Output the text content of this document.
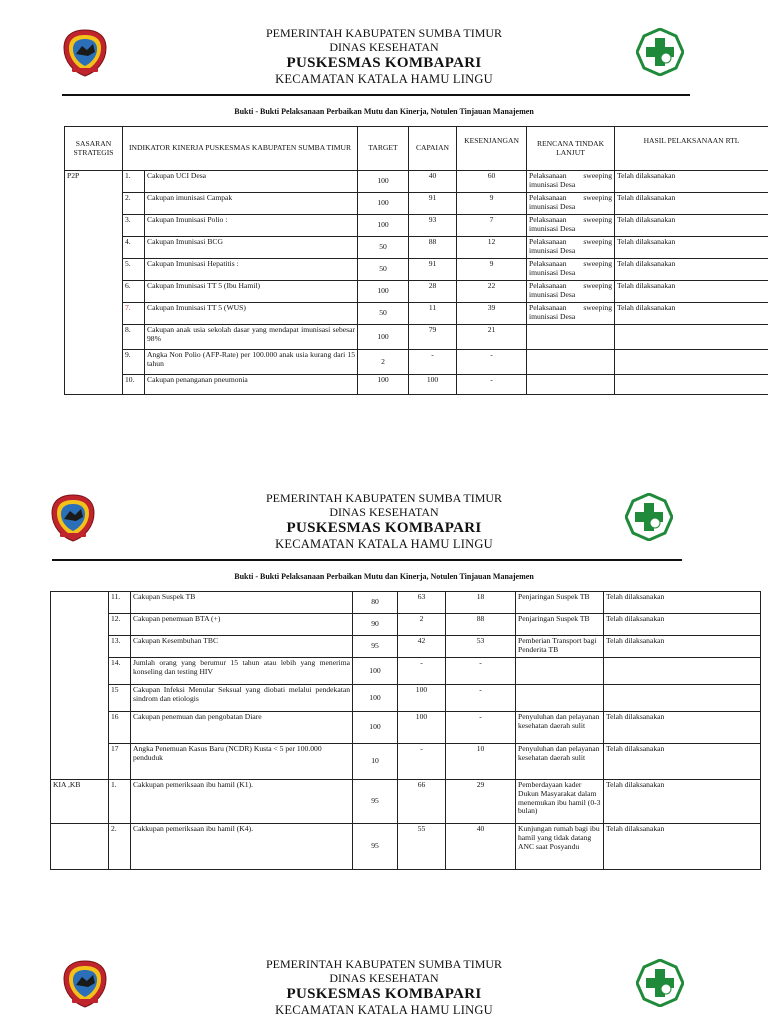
PEMERINTAH KABUPATEN SUMBA TIMUR
DINAS KESEHATAN
PUSKESMAS KOMBAPARI
KECAMATAN KATALA HAMU LINGU
Bukti - Bukti Pelaksanaan Perbaikan Mutu dan Kinerja, Notulen Tinjauan Manajemen
SASARAN STRATEGIS	INDIKATOR KINERJA PUSKESMAS KABUPATEN SUMBA TIMUR		TARGET	CAPAIAN	KESENJANGAN	RENCANA TINDAK LANJUT	HASIL PELAKSANAAN RTL
P2P	1.	Cakupan UCI Desa	100	40	60	Pelaksanaan sweeping imunisasi Desa	Telah dilaksanakan
	2.	Cakupan imunisasi Campak	100	91	9	Pelaksanaan sweeping imunisasi Desa	Telah dilaksanakan
	3.	Cakupan Imunisasi Polio :	100	93	7	Pelaksanaan sweeping imunisasi Desa	Telah dilaksanakan
	4.	Cakupan Imunisasi BCG	50	88	12	Pelaksanaan sweeping imunisasi Desa	Telah dilaksanakan
	5.	Cakupan Imunisasi Hepatitis :	50	91	9	Pelaksanaan sweeping imunisasi Desa	Telah dilaksanakan
	6.	Cakupan Imunisasi TT 5 (Ibu Hamil)	100	28	22	Pelaksanaan sweeping imunisasi Desa	Telah dilaksanakan
	7.	Cakupan Imunisasi TT 5 (WUS)	50	11	39	Pelaksanaan sweeping imunisasi Desa	Telah dilaksanakan
	8.	Cakupan anak usia sekolah dasar yang mendapat imunisasi sebesar 98%	100	79	21		
	9.	Angka Non Polio (AFP-Rate) per 100.000 anak usia kurang dari 15 tahun	2	-	-		
	10.	Cakupan penanganan pneumonia	100	100	-		
PEMERINTAH KABUPATEN SUMBA TIMUR
DINAS KESEHATAN
PUSKESMAS KOMBAPARI
KECAMATAN KATALA HAMU LINGU
Bukti - Bukti Pelaksanaan Perbaikan Mutu dan Kinerja, Notulen Tinjauan Manajemen
	11.	Cakupan Suspek TB	80	63	18	Penjaringan Suspek TB	Telah dilaksanakan
	12.	Cakupan penemuan BTA (+)	90	2	88	Penjaringan Suspek TB	Telah dilaksanakan
	13.	Cakupan Kesembuhan TBC	95	42	53	Pemberian Transport bagi Penderita TB	Telah dilaksanakan
	14.	Jumlah orang yang berumur 15 tahun atau lebih yang menerima konseling dan testing HIV	100	-	-		
	15	Cakupan Infeksi Menular Seksual yang diobati melalui pendekatan sindrom dan etiologis	100	100	-		
	16	Cakupan penemuan dan pengobatan Diare	100	100	-	Penyuluhan dan pelayanan kesehatan daerah sulit	Telah dilaksanakan
	17	Angka Penemuan Kasus Baru (NCDR) Kusta < 5 per 100.000 penduduk	10	-	10	Penyuluhan dan pelayanan kesehatan daerah sulit	Telah dilaksanakan
KIA ,KB	1.	Cakkupan pemeriksaan ibu hamil (K1).	95	66	29	Pemberdayaan kader Dukun Masyarakat dalam menemukan ibu hamil (0-3 bulan)	Telah dilaksanakan
	2.	Cakkupan pemeriksaan ibu hamil (K4).	95	55	40	Kunjungan rumah bagi ibu hamil yang tidak datang ANC saat Posyandu	Telah dilaksanakan
PEMERINTAH KABUPATEN SUMBA TIMUR
DINAS KESEHATAN
PUSKESMAS KOMBAPARI
KECAMATAN KATALA HAMU LINGU
